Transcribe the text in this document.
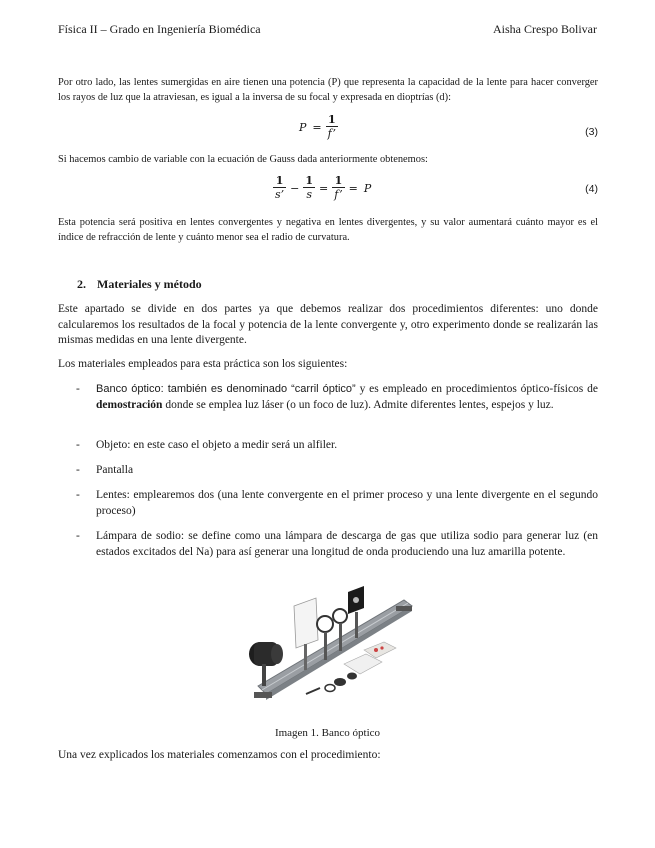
Física II – Grado en Ingeniería Biomédica	Aisha Crespo Bolivar
Por otro lado, las lentes sumergidas en aire tienen una potencia (P) que representa la capacidad de la lente para hacer converger los rayos de luz que la atraviesan, es igual a la inversa de su focal y expresada en dioptrías (d):
$P = \frac{1}{f’}$	(3)
Si hacemos cambio de variable con la ecuación de Gauss dada anteriormente obtenemos:
$\frac{1}{s’} - \frac{1}{s} = \frac{1}{f’} = P$	(4)
Esta potencia será positiva en lentes convergentes y negativa en lentes divergentes, y su valor aumentará cuánto mayor es el índice de refracción de lente y cuánto menor sea el radio de curvatura.
2. Materiales y método
Este apartado se divide en dos partes ya que debemos realizar dos procedimientos diferentes: uno donde calcularemos los resultados de la focal y potencia de la lente convergente y, otro experimento donde se realizarán las mismas medidas en una lente divergente.
Los materiales empleados para esta práctica son los siguientes:
- Banco óptico: también es denominado “carril óptico” y es empleado en procedimientos óptico-físicos de demostración donde se emplea luz láser (o un foco de luz). Admite diferentes lentes, espejos y luz.
- Objeto: en este caso el objeto a medir será un alfiler.
- Pantalla
- Lentes: emplearemos dos (una lente convergente en el primer proceso y una lente divergente en el segundo proceso)
- Lámpara de sodio: se define como una lámpara de descarga de gas que utiliza sodio para generar luz (en estados excitados del Na) para así generar una longitud de onda produciendo una luz amarilla potente.
Imagen 1. Banco óptico
Una vez explicados los materiales comenzamos con el procedimiento:
